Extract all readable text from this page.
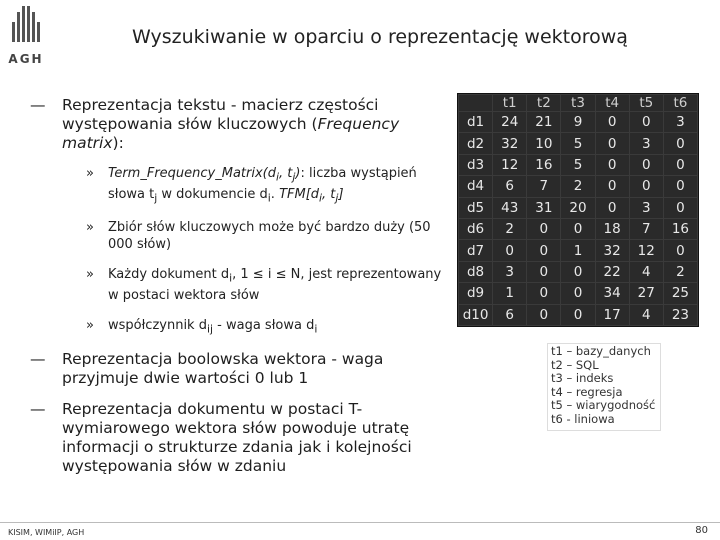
AGH
Wyszukiwanie w oparciu o reprezentację wektorową
— Reprezentacja tekstu - macierz częstości występowania słów kluczowych (Frequency matrix):
» $Term\_Frequency\_Matrix(d_i$, $t_j$): liczba wystąpień słowa $t_j$ w dokumencie $d_i$. $TFM[d_i$, $t_j$]
» Zbiór słów kluczowych może być bardzo duży (50 000 słów)
» Każdy dokument $d_i$, 1 ≤ i ≤ N, jest reprezentowany w postaci wektora słów
» współczynnik $d_{ij}$ - waga słowa $d_i$
— Reprezentacja boolowska wektora - waga przyjmuje dwie wartości 0 lub 1
— Reprezentacja dokumentu w postaci T-wymiarowego wektora słów powoduje utratę informacji o strukturze zdania jak i kolejności występowania słów w zdaniu
	t1	t2	t3	t4	t5	t6
d1	24	21	9	0	0	3
d2	32	10	5	0	3	0
d3	12	16	5	0	0	0
d4	6	7	2	0	0	0
d5	43	31	20	0	3	0
d6	2	0	0	18	7	16
d7	0	0	1	32	12	0
d8	3	0	0	22	4	2
d9	1	0	0	34	27	25
d10	6	0	0	17	4	23
t1 – bazy_danych
t2 – SQL
t3 – indeks
t4 – regresja
t5 – wiarygodność
t6 - liniowa
KISIM, WIMiIP, AGH	80
